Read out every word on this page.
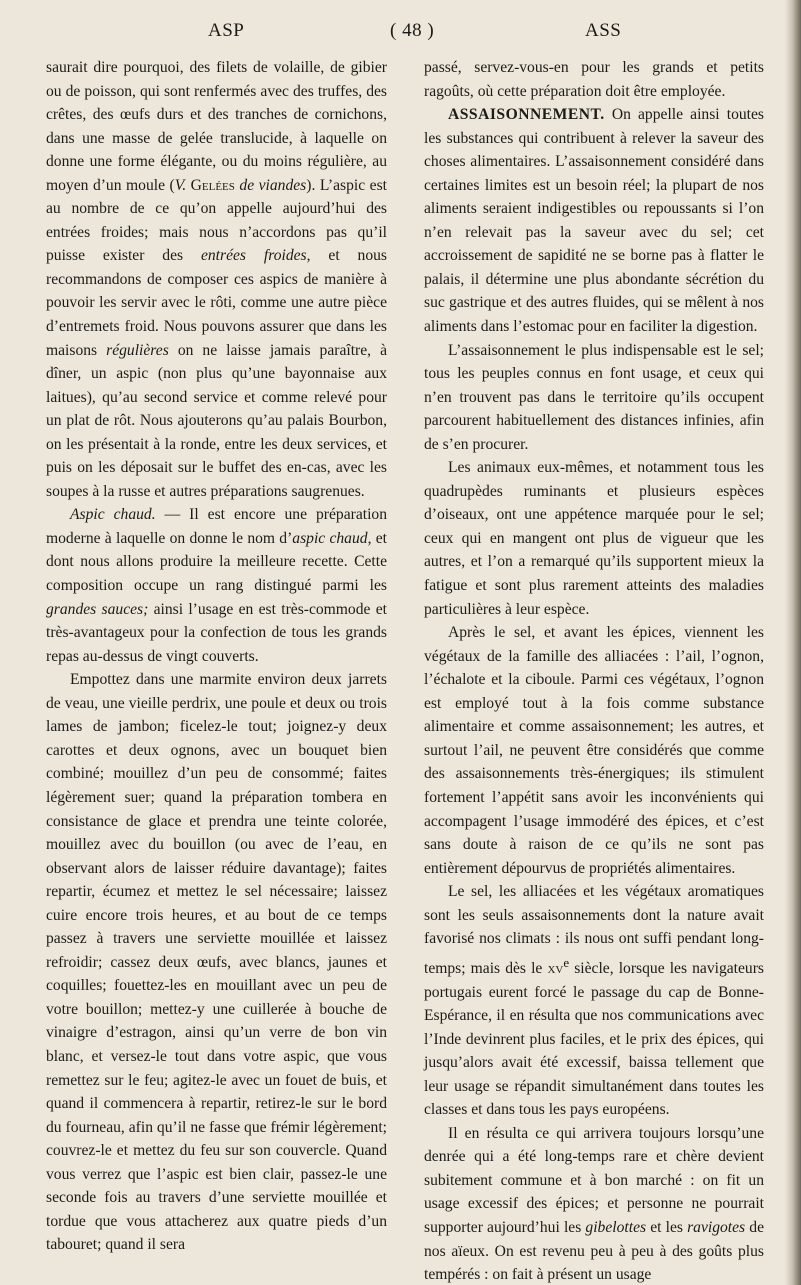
ASP	( 48 )	ASS

saurait dire pourquoi, des filets de volaille, de gibier ou de poisson, qui sont renfermés avec des truffes, des crêtes, des œufs durs et des tranches de cornichons, dans une masse de gelée translucide, à laquelle on donne une forme élégante, ou du moins régulière, au moyen d’un moule (V. Gelées de viandes). L’aspic est au nombre de ce qu’on appelle aujourd’hui des entrées froides; mais nous n’accordons pas qu’il puisse exister des entrées froides, et nous recommandons de composer ces aspics de manière à pouvoir les servir avec le rôti, comme une autre pièce d’entremets froid. Nous pouvons assurer que dans les maisons régulières on ne laisse jamais paraître, à dîner, un aspic (non plus qu’une bayonnaise aux laitues), qu’au second service et comme relevé pour un plat de rôt. Nous ajouterons qu’au palais Bourbon, on les présentait à la ronde, entre les deux services, et puis on les déposait sur le buffet des en-cas, avec les soupes à la russe et autres préparations saugrenues.

Aspic chaud. — Il est encore une préparation moderne à laquelle on donne le nom d’aspic chaud, et dont nous allons produire la meilleure recette. Cette composition occupe un rang distingué parmi les grandes sauces; ainsi l’usage en est très-commode et très-avantageux pour la confection de tous les grands repas au-dessus de vingt couverts.

Empottez dans une marmite environ deux jarrets de veau, une vieille perdrix, une poule et deux ou trois lames de jambon; ficelez-le tout; joignez-y deux carottes et deux ognons, avec un bouquet bien combiné; mouillez d’un peu de consommé; faites légèrement suer; quand la préparation tombera en consistance de glace et prendra une teinte colorée, mouillez avec du bouillon (ou avec de l’eau, en observant alors de laisser réduire davantage); faites repartir, écumez et mettez le sel nécessaire; laissez cuire encore trois heures, et au bout de ce temps passez à travers une serviette mouillée et laissez refroidir; cassez deux œufs, avec blancs, jaunes et coquilles; fouettez-les en mouillant avec un peu de votre bouillon; mettez-y une cuillerée à bouche de vinaigre d’estragon, ainsi qu’un verre de bon vin blanc, et versez-le tout dans votre aspic, que vous remettez sur le feu; agitez-le avec un fouet de buis, et quand il commencera à repartir, retirez-le sur le bord du fourneau, afin qu’il ne fasse que frémir légèrement; couvrez-le et mettez du feu sur son couvercle. Quand vous verrez que l’aspic est bien clair, passez-le une seconde fois au travers d’une serviette mouillée et tordue que vous attacherez aux quatre pieds d’un tabouret; quand il sera

passé, servez-vous-en pour les grands et petits ragoûts, où cette préparation doit être employée.

ASSAISONNEMENT. On appelle ainsi toutes les substances qui contribuent à relever la saveur des choses alimentaires. L’assaisonnement considéré dans certaines limites est un besoin réel; la plupart de nos aliments seraient indigestibles ou repoussants si l’on n’en relevait pas la saveur avec du sel; cet accroissement de sapidité ne se borne pas à flatter le palais, il détermine une plus abondante sécrétion du suc gastrique et des autres fluides, qui se mêlent à nos aliments dans l’estomac pour en faciliter la digestion.

L’assaisonnement le plus indispensable est le sel; tous les peuples connus en font usage, et ceux qui n’en trouvent pas dans le territoire qu’ils occupent parcourent habituellement des distances infinies, afin de s’en procurer.

Les animaux eux-mêmes, et notamment tous les quadrupèdes ruminants et plusieurs espèces d’oiseaux, ont une appétence marquée pour le sel; ceux qui en mangent ont plus de vigueur que les autres, et l’on a remarqué qu’ils supportent mieux la fatigue et sont plus rarement atteints des maladies particulières à leur espèce.

Après le sel, et avant les épices, viennent les végétaux de la famille des alliacées : l’ail, l’ognon, l’échalote et la ciboule. Parmi ces végétaux, l’ognon est employé tout à la fois comme substance alimentaire et comme assaisonnement; les autres, et surtout l’ail, ne peuvent être considérés que comme des assaisonnements très-énergiques; ils stimulent fortement l’appétit sans avoir les inconvénients qui accompagent l’usage immodéré des épices, et c’est sans doute à raison de ce qu’ils ne sont pas entièrement dépourvus de propriétés alimentaires.

Le sel, les alliacées et les végétaux aromatiques sont les seuls assaisonnements dont la nature avait favorisé nos climats : ils nous ont suffi pendant long-temps; mais dès le $xv^e$ siècle, lorsque les navigateurs portugais eurent forcé le passage du cap de Bonne-Espérance, il en résulta que nos communications avec l’Inde devinrent plus faciles, et le prix des épices, qui jusqu’alors avait été excessif, baissa tellement que leur usage se répandit simultanément dans toutes les classes et dans tous les pays européens.

Il en résulta ce qui arrivera toujours lorsqu’une denrée qui a été long-temps rare et chère devient subitement commune et à bon marché : on fit un usage excessif des épices; et personne ne pourrait supporter aujourd’hui les gibelottes et les ravigotes de nos aïeux. On est revenu peu à peu à des goûts plus tempérés : on fait à présent un usage
